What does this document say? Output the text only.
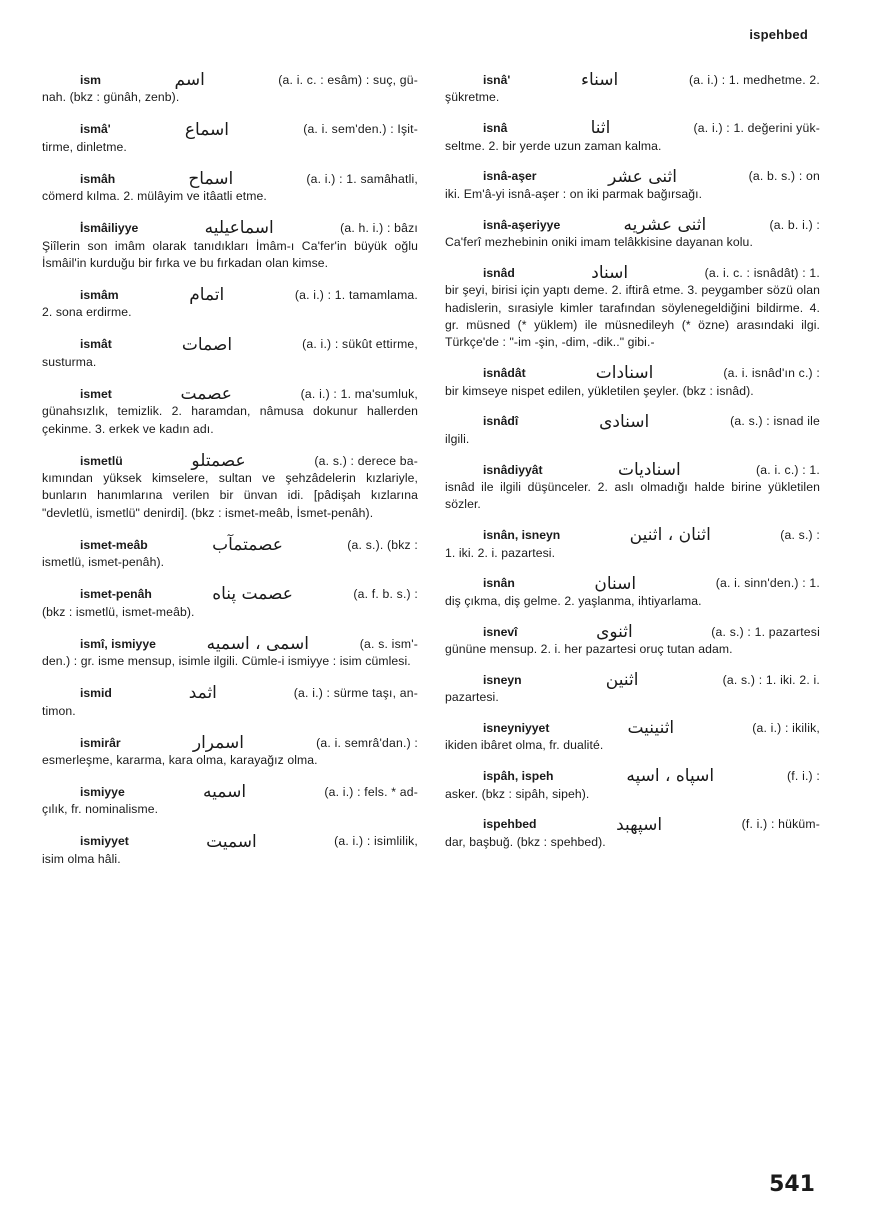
ispehbed
ism	اسم	(a. i. c. : esâm) : suç, gü-

nah. (bkz : günâh, zenb).

ismâ'	اسماع	(a. i. sem'den.) : Işit-

tirme, dinletme.

ismâh	اسماح	(a. i.) : 1. samâhatli,

cömerd kılma. 2. mülâyim ve itâatli etme.

İsmâiliyye	اسماعيليه	(a. h. i.) : bâzı

Şiîlerin son imâm olarak tanıdıkları İmâm-ı Ca'fer'in büyük oğlu İsmâil'in kurduğu bir fırka ve bu fırkadan olan kimse.

ismâm	اتمام	(a. i.) : 1. tamamlama.

2. sona erdirme.

ismât	اصمات	(a. i.) : sükût ettirme,

susturma.

ismet	عصمت	(a. i.) : 1. ma'sumluk,

günahsızlık, temizlik. 2. haramdan, nâmusa dokunur hallerden çekinme. 3. erkek ve kadın adı.

ismetlü	عصمتلو	(a. s.) : derece ba-

kımından yüksek kimselere, sultan ve şehzâdelerin kızlariyle, bunların hanımlarına verilen bir ünvan idi. [pâdişah kızlarına "devletlü, ismetlü" denirdi]. (bkz : ismet-meâb, İsmet-penâh).

ismet-meâb	عصمتمآب	(a. s.). (bkz :

ismetlü, ismet-penâh).

ismet-penâh	عصمت پناه	(a. f. b. s.) :

(bkz : ismetlü, ismet-meâb).

ismî, ismiyye	اسمى ، اسميه	(a. s. ism'-

den.) : gr. isme mensup, isimle ilgili. Cümle-i ismiyye : isim cümlesi.

ismid	اثمد	(a. i.) : sürme taşı, an-

timon.

ismirâr	اسمرار	(a. i. semrâ'dan.) :

esmerleşme, kararma, kara olma, karayağız olma.

ismiyye	اسميه	(a. i.) : fels. * ad-

çılık, fr. nominalisme.

ismiyyet	اسميت	(a. i.) : isimlilik,

isim olma hâli.

isnâ'	اسناء	(a. i.) : 1. medhetme. 2.

şükretme.

isnâ	اثنا	(a. i.) : 1. değerini yük-

seltme. 2. bir yerde uzun zaman kalma.

isnâ-aşer	اثنى عشر	(a. b. s.) : on

iki. Em'â-yi isnâ-aşer : on iki parmak bağırsağı.

isnâ-aşeriyye	اثنى عشريه	(a. b. i.) :

Ca'ferî mezhebinin oniki imam telâkkisine dayanan kolu.

isnâd	اسناد	(a. i. c. : isnâdât) : 1.

bir şeyi, birisi için yaptı deme. 2. iftirâ etme. 3. peygamber sözü olan hadislerin, sırasiyle kimler tarafından söylenegeldiğini bildirme. 4. gr. müsned (* yüklem) ile müsnedileyh (* özne) arasındaki ilgi. Türkçe'de : "-im -şin, -dim, -dik.." gibi.-

isnâdât	اسنادات	(a. i. isnâd'ın c.) :

bir kimseye nispet edilen, yükletilen şeyler. (bkz : isnâd).

isnâdî	اسنادى	(a. s.) : isnad ile

ilgili.

isnâdiyyât	اسناديات	(a. i. c.) : 1.

isnâd ile ilgili düşünceler. 2. aslı olmadığı halde birine yükletilen sözler.

isnân, isneyn	اثنان ، اثنين	(a. s.) :

1. iki. 2. i. pazartesi.

isnân	اسنان	(a. i. sinn'den.) : 1.

diş çıkma, diş gelme. 2. yaşlanma, ihtiyarlama.

isnevî	اثنوى	(a. s.) : 1. pazartesi

gününe mensup. 2. i. her pazartesi oruç tutan adam.

isneyn	اثنين	(a. s.) : 1. iki. 2. i.

pazartesi.

isneyniyyet	اثنينيت	(a. i.) : ikilik,

ikiden ibâret olma, fr. dualité.

ispâh, ispeh	اسپاه ، اسپه	(f. i.) :

asker. (bkz : sipâh, sipeh).

ispehbed	اسپهبد	(f. i.) : hüküm-

dar, başbuğ. (bkz : spehbed).

541
